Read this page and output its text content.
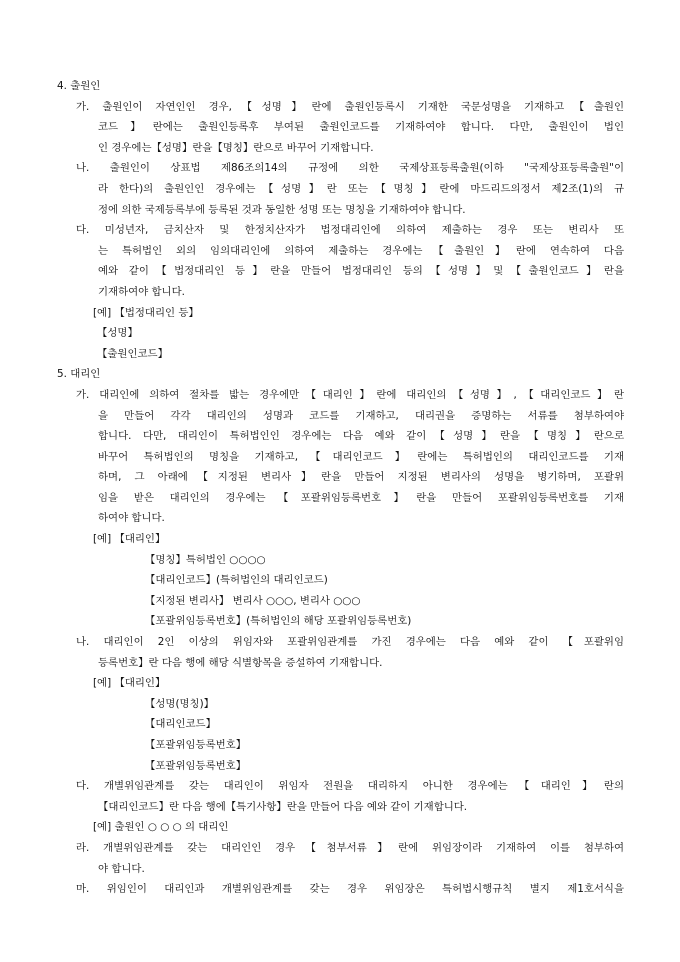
4. 출원인
가. 출원인이 자연인인 경우,【성명】란에 출원인등록시 기재한 국문성명을 기재하고【출원인
코드】란에는 출원인등록후 부여된 출원인코드를 기재하여야 합니다. 다만, 출원인이 법인
인 경우에는【성명】란을【명칭】란으로 바꾸어 기재합니다.
나. 출원인이 상표법 제86조의14의 규정에 의한 국제상표등록출원(이하 "국제상표등록출원"이
라 한다)의 출원인인 경우에는【성명】란 또는【명칭】란에 마드리드의정서 제2조(1)의 규
정에 의한 국제등록부에 등록된 것과 동일한 성명 또는 명칭을 기재하여야 합니다.
다. 미성년자, 금치산자 및 한정치산자가 법정대리인에 의하여 제출하는 경우 또는 변리사 또
는 특허법인 외의 임의대리인에 의하여 제출하는 경우에는【출원인】란에 연속하여 다음
예와 같이【법정대리인 등】란을 만들어 법정대리인 등의【성명】및【출원인코드】란을
기재하여야 합니다.
[예] 【법정대리인 등】
【성명】
【출원인코드】
5. 대리인
가. 대리인에 의하여 절차를 밟는 경우에만【대리인】란에 대리인의【성명】,【대리인코드】란
을 만들어 각각 대리인의 성명과 코드를 기재하고, 대리권을 증명하는 서류를 첨부하여야
합니다. 다만, 대리인이 특허법인인 경우에는 다음 예와 같이【성명】란을【명칭】란으로
바꾸어 특허법인의 명칭을 기재하고,【대리인코드】란에는 특허법인의 대리인코드를 기재
하며, 그 아래에【지정된 변리사】란을 만들어 지정된 변리사의 성명을 병기하며, 포괄위
임을 받은 대리인의 경우에는【포괄위임등록번호】란을 만들어 포괄위임등록번호를 기재
하여야 합니다.
[예] 【대리인】
【명칭】특허법인 ○○○○
【대리인코드】(특허법인의 대리인코드)
【지정된 변리사】 변리사 ○○○, 변리사 ○○○
【포괄위임등록번호】(특허법인의 해당 포괄위임등록번호)
나. 대리인이 2인 이상의 위임자와 포괄위임관계를 가진 경우에는 다음 예와 같이 【포괄위임
등록번호】란 다음 행에 해당 식별항목을 증설하여 기재합니다.
[예] 【대리인】
【성명(명칭)】
【대리인코드】
【포괄위임등록번호】
【포괄위임등록번호】
다. 개별위임관계를 갖는 대리인이 위임자 전원을 대리하지 아니한 경우에는【대리인】란의
【대리인코드】란 다음 행에【특기사항】란을 만들어 다음 예와 같이 기재합니다.
[예] 출원인 ○ ○ ○ 의 대리인
라. 개별위임관계를 갖는 대리인인 경우【첨부서류】란에 위임장이라 기재하여 이를 첨부하여
야 합니다.
마. 위임인이 대리인과 개별위임관계를 갖는 경우 위임장은 특허법시행규칙 별지 제1호서식을
